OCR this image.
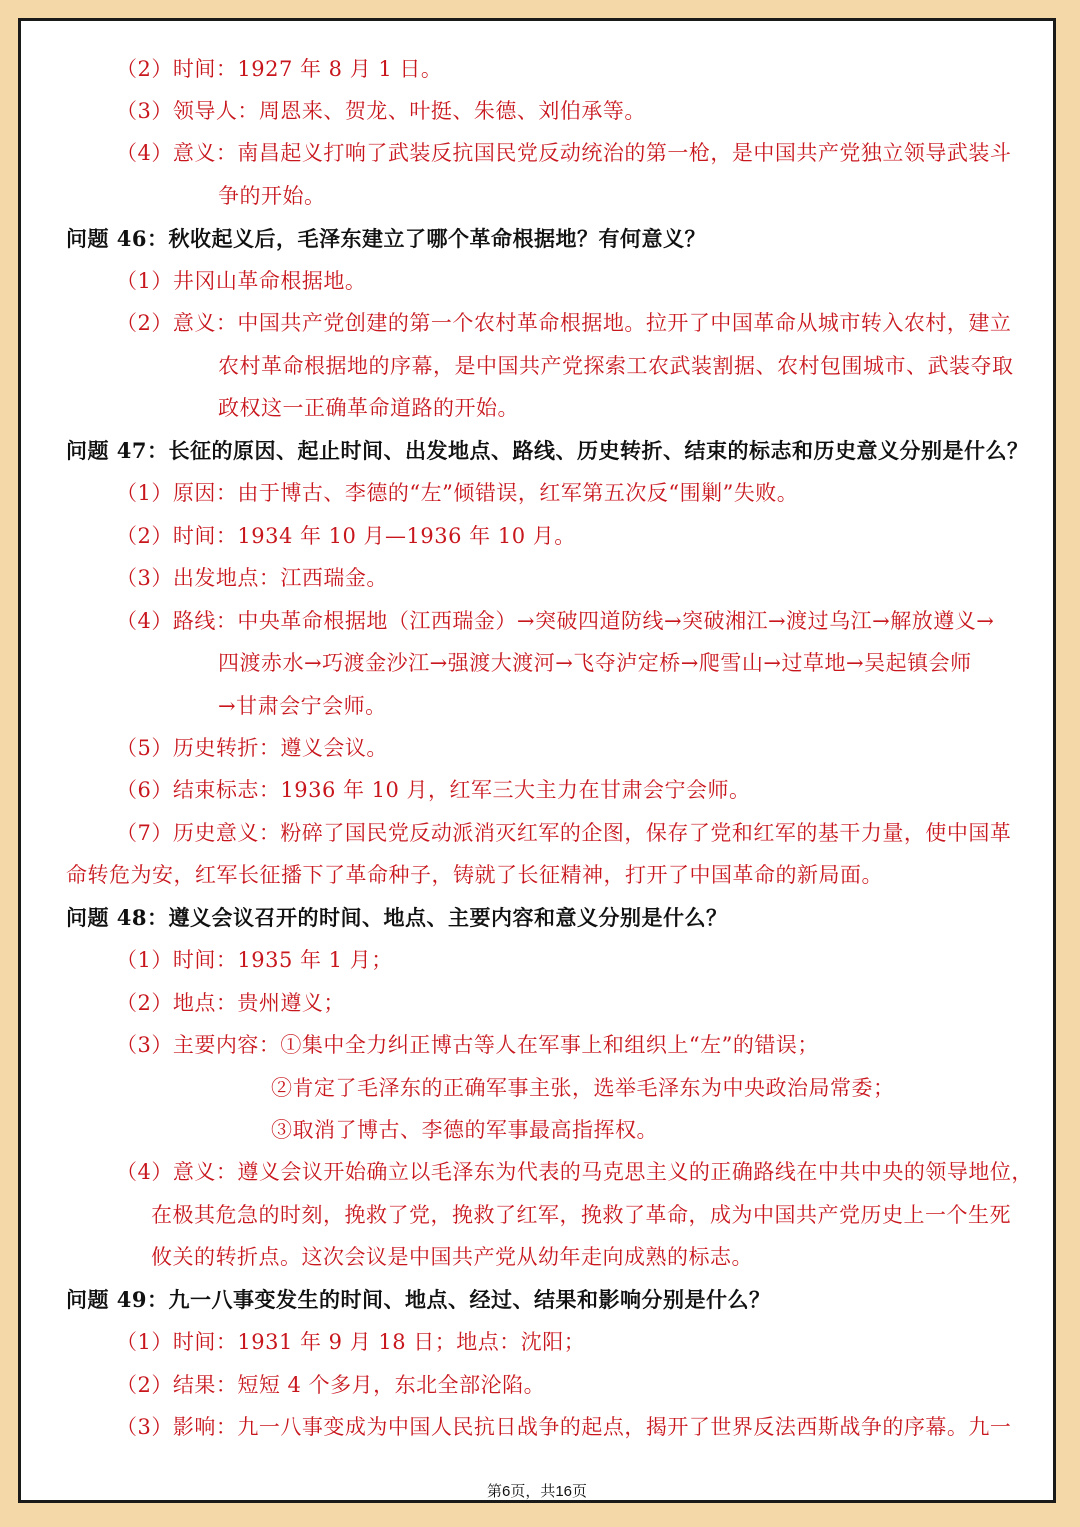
（2）时间：1927 年 8 月 1 日。
（3）领导人：周恩来、贺龙、叶挺、朱德、刘伯承等。
（4）意义：南昌起义打响了武装反抗国民党反动统治的第一枪，是中国共产党独立领导武装斗
争的开始。
问题 46：秋收起义后，毛泽东建立了哪个革命根据地？有何意义？
（1）井冈山革命根据地。
（2）意义：中国共产党创建的第一个农村革命根据地。拉开了中国革命从城市转入农村，建立
农村革命根据地的序幕，是中国共产党探索工农武装割据、农村包围城市、武装夺取
政权这一正确革命道路的开始。
问题 47：长征的原因、起止时间、出发地点、路线、历史转折、结束的标志和历史意义分别是什么？
（1）原因：由于博古、李德的“左”倾错误，红军第五次反“围剿”失败。
（2）时间：1934 年 10 月—1936 年 10 月。
（3）出发地点：江西瑞金。
（4）路线：中央革命根据地（江西瑞金）→突破四道防线→突破湘江→渡过乌江→解放遵义→
四渡赤水→巧渡金沙江→强渡大渡河→飞夺泸定桥→爬雪山→过草地→吴起镇会师
→甘肃会宁会师。
（5）历史转折：遵义会议。
（6）结束标志：1936 年 10 月，红军三大主力在甘肃会宁会师。
（7）历史意义：粉碎了国民党反动派消灭红军的企图，保存了党和红军的基干力量，使中国革
命转危为安，红军长征播下了革命种子，铸就了长征精神，打开了中国革命的新局面。
问题 48：遵义会议召开的时间、地点、主要内容和意义分别是什么？
（1）时间：1935 年 1 月；
（2）地点：贵州遵义；
（3）主要内容：①集中全力纠正博古等人在军事上和组织上“左”的错误；
②肯定了毛泽东的正确军事主张，选举毛泽东为中央政治局常委；
③取消了博古、李德的军事最高指挥权。
（4）意义：遵义会议开始确立以毛泽东为代表的马克思主义的正确路线在中共中央的领导地位，
在极其危急的时刻，挽救了党，挽救了红军，挽救了革命，成为中国共产党历史上一个生死
攸关的转折点。这次会议是中国共产党从幼年走向成熟的标志。
问题 49：九一八事变发生的时间、地点、经过、结果和影响分别是什么？
（1）时间：1931 年 9 月 18 日；地点：沈阳；
（2）结果：短短 4 个多月，东北全部沦陷。
（3）影响：九一八事变成为中国人民抗日战争的起点，揭开了世界反法西斯战争的序幕。九一
第6页，共16页
